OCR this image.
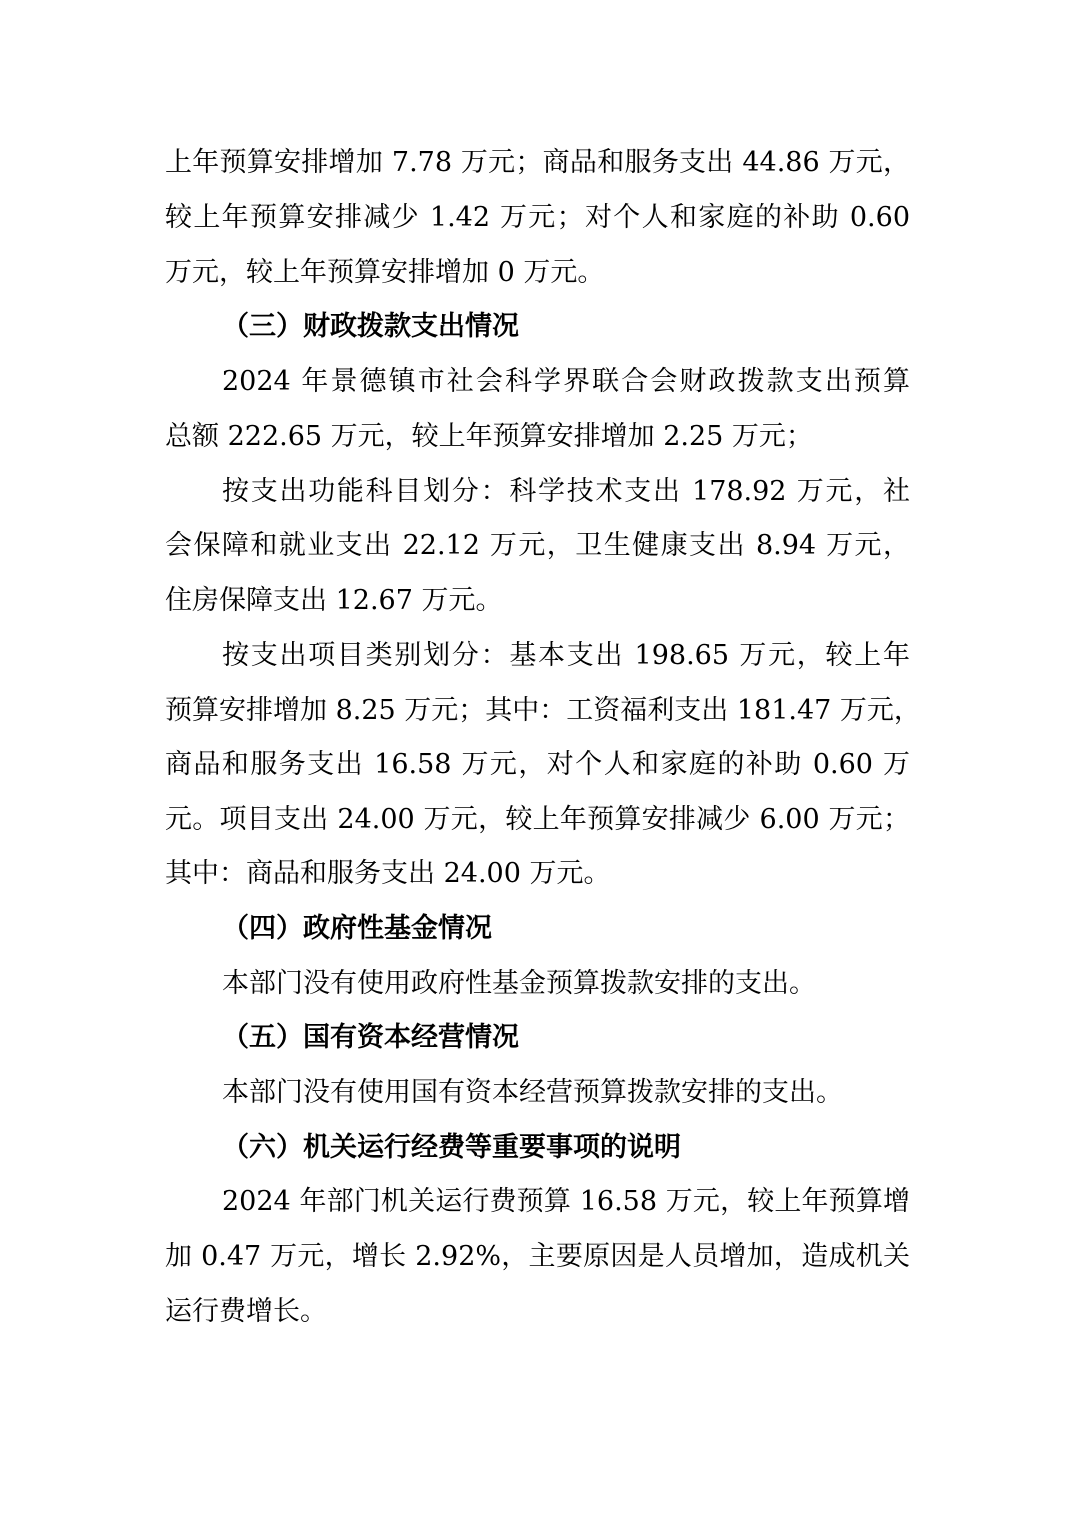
上年预算安排增加 7.78 万元；商品和服务支出 44.86 万元，
较上年预算安排减少 1.42 万元；对个人和家庭的补助 0.60
万元，较上年预算安排增加 0 万元。
（三）财政拨款支出情况
2024 年景德镇市社会科学界联合会财政拨款支出预算
总额 222.65 万元，较上年预算安排增加 2.25 万元；
按支出功能科目划分：科学技术支出 178.92 万元，社
会保障和就业支出 22.12 万元，卫生健康支出 8.94 万元，
住房保障支出 12.67 万元。
按支出项目类别划分：基本支出 198.65 万元，较上年
预算安排增加 8.25 万元；其中：工资福利支出 181.47 万元，
商品和服务支出 16.58 万元，对个人和家庭的补助 0.60 万
元。项目支出 24.00 万元，较上年预算安排减少 6.00 万元；
其中：商品和服务支出 24.00 万元。
（四）政府性基金情况
本部门没有使用政府性基金预算拨款安排的支出。
（五）国有资本经营情况
本部门没有使用国有资本经营预算拨款安排的支出。
（六）机关运行经费等重要事项的说明
2024 年部门机关运行费预算 16.58 万元，较上年预算增
加 0.47 万元，增长 2.92%，主要原因是人员增加，造成机关
运行费增长。
